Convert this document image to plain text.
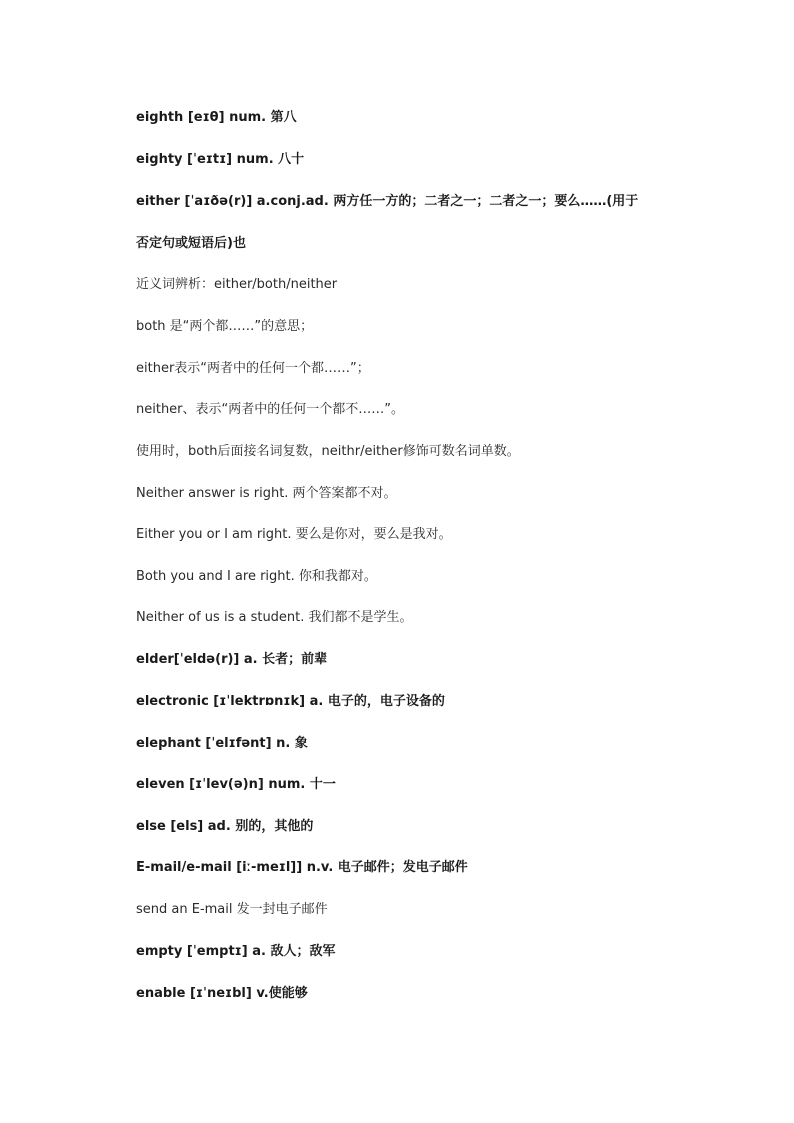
eighth [eɪθ] num. 第八
eighty [ˈeɪtɪ] num. 八十
either [ˈaɪðə(r)] a.conj.ad. 两方任一方的；二者之一；二者之一；要么……(用于
否定句或短语后)也
近义词辨析：either/both/neither
both 是“两个都……”的意思；
either表示“两者中的任何一个都……”；
neither、表示“两者中的任何一个都不……”。
使用时，both后面接名词复数，neithr/either修饰可数名词单数。
Neither answer is right. 两个答案都不对。
Either you or I am right. 要么是你对，要么是我对。
Both you and I are right. 你和我都对。
Neither of us is a student. 我们都不是学生。
elder[ˈeldə(r)] a. 长者；前辈
electronic [ɪˈlektrɒnɪk] a. 电子的，电子设备的
elephant [ˈelɪfənt] n. 象
eleven [ɪˈlev(ə)n] num. 十一
else [els] ad. 别的，其他的
E-mail/e-mail [iː-meɪl]] n.v. 电子邮件；发电子邮件
send an E-mail 发一封电子邮件
empty [ˈemptɪ] a. 敌人；敌军
enable [ɪˈneɪbl] v.使能够
